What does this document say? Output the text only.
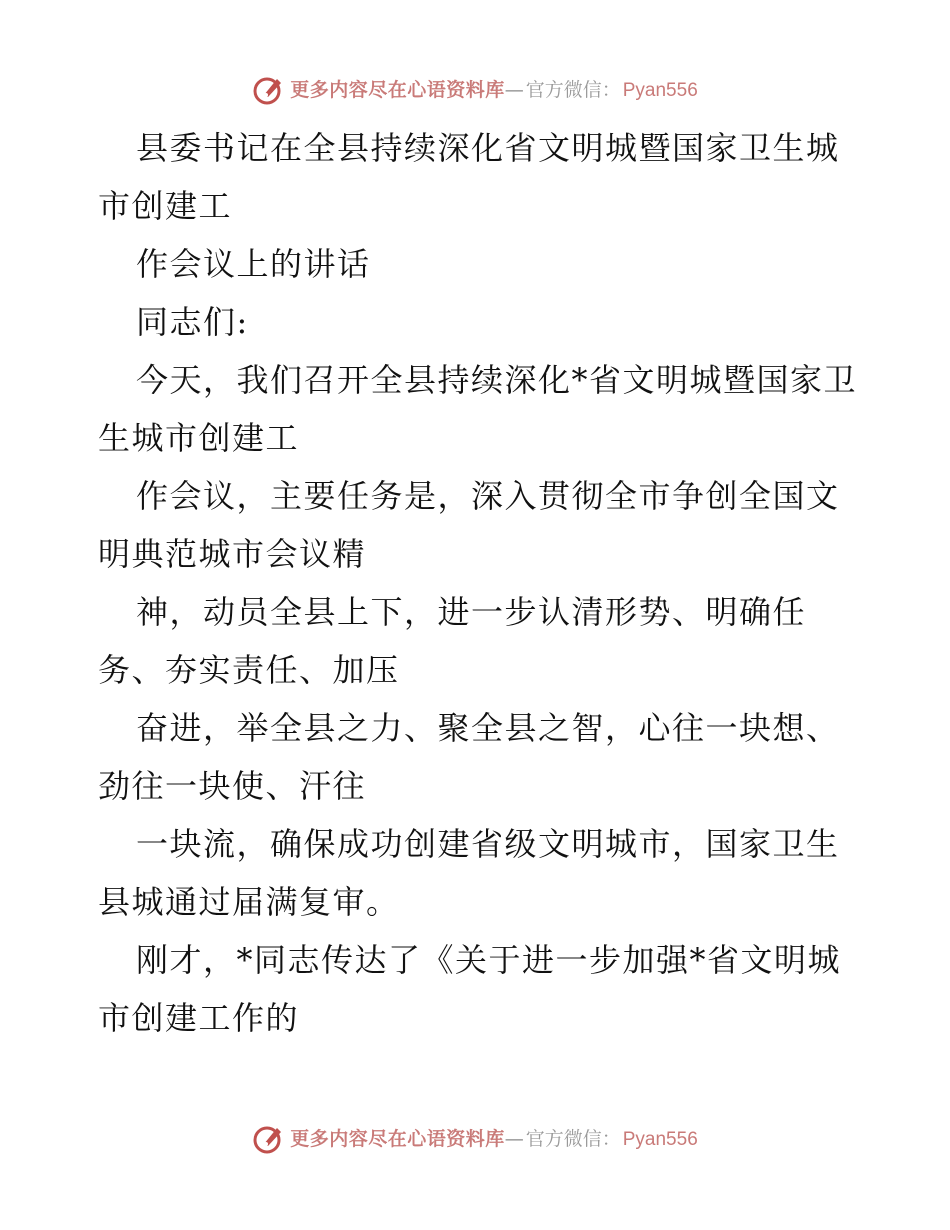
更多内容尽在心语资料库 — 官方微信： Pyan556

县委书记在全县持续深化省文明城暨国家卫生城市创建工

作会议上的讲话

同志们:

今天，我们召开全县持续深化*省文明城暨国家卫生城市创建工

作会议，主要任务是，深入贯彻全市争创全国文明典范城市会议精

神，动员全县上下，进一步认清形势、明确任务、夯实责任、加压

奋进，举全县之力、聚全县之智，心往一块想、劲往一块使、汗往

一块流，确保成功创建省级文明城市，国家卫生县城通过届满复审。

刚才，*同志传达了《关于进一步加强*省文明城市创建工作的

更多内容尽在心语资料库 — 官方微信： Pyan556
